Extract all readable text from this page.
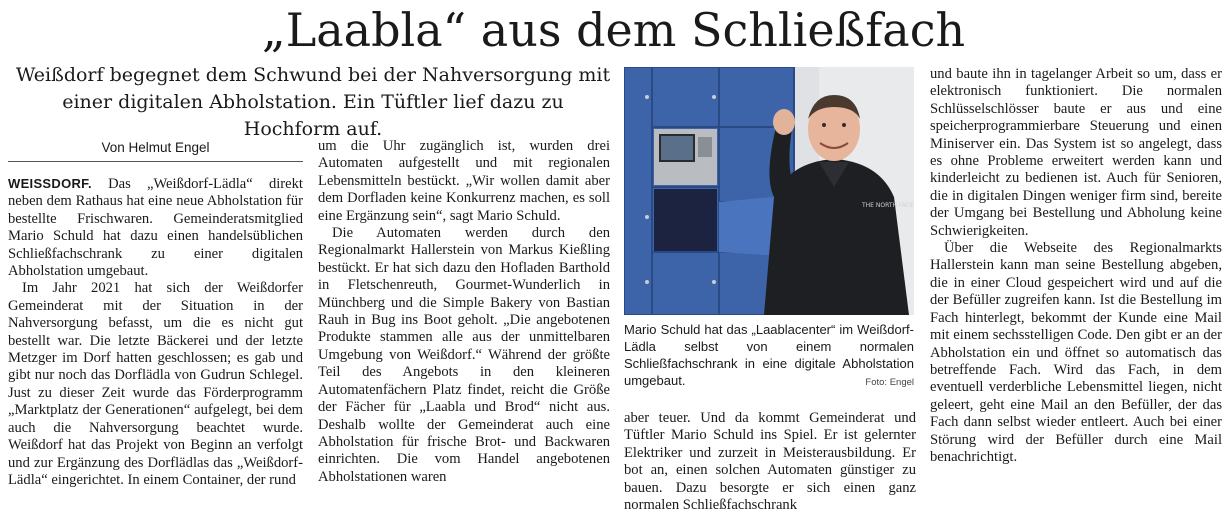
„Laabla“ aus dem Schließfach
Weißdorf begegnet dem Schwund bei der Nahversorgung mit einer digitalen Abholstation. Ein Tüftler lief dazu zu Hochform auf.
Von Helmut Engel

WEISSDORF. Das „Weißdorf-Lädla“ direkt neben dem Rathaus hat eine neue Abholstation für bestellte Frischwaren. Gemeinderatsmitglied Mario Schuld hat dazu einen handelsüblichen Schließfachschrank zu einer digitalen Abholstation umgebaut.

Im Jahr 2021 hat sich der Weißdorfer Gemeinderat mit der Situation in der Nahversorgung befasst, um die es nicht gut bestellt war. Die letzte Bäckerei und der letzte Metzger im Dorf hatten geschlossen; es gab und gibt nur noch das Dorflädla von Gudrun Schlegel. Just zu dieser Zeit wurde das Förderprogramm „Marktplatz der Generationen“ aufgelegt, bei dem auch die Nahversorgung beachtet wurde. Weißdorf hat das Projekt von Beginn an verfolgt und zur Ergänzung des Dorflädlas das „Weißdorf-Lädla“ eingerichtet. In einem Container, der rund

um die Uhr zugänglich ist, wurden drei Automaten aufgestellt und mit regionalen Lebensmitteln bestückt. „Wir wollen damit aber dem Dorfladen keine Konkurrenz machen, es soll eine Ergänzung sein“, sagt Mario Schuld.

Die Automaten werden durch den Regionalmarkt Hallerstein von Markus Kießling bestückt. Er hat sich dazu den Hofladen Barthold in Fletschenreuth, Gourmet-Wunderlich in Münchberg und die Simple Bakery von Bastian Rauh in Bug ins Boot geholt. „Die angebotenen Produkte stammen alle aus der unmittelbaren Umgebung von Weißdorf.“ Während der größte Teil des Angebots in den kleineren Automatenfächern Platz findet, reicht die Größe der Fächer für „Laabla und Brod“ nicht aus. Deshalb wollte der Gemeinderat auch eine Abholstation für frische Brot- und Backwaren einrichten. Die vom Handel angebotenen Abholstationen waren

THE NORTH FACE
Mario Schuld hat das „Laablacenter“ im Weißdorf-Lädla selbst von einem normalen Schließfachschrank in eine digitale Abholstation umgebaut.	Foto: Engel

aber teuer. Und da kommt Gemeinderat und Tüftler Mario Schuld ins Spiel. Er ist gelernter Elektriker und zurzeit in Meisterausbildung. Er bot an, einen solchen Automaten günstiger zu bauen. Dazu besorgte er sich einen ganz normalen Schließfachschrank

und baute ihn in tagelanger Arbeit so um, dass er elektronisch funktioniert. Die normalen Schlüsselschlösser baute er aus und eine speicherprogrammierbare Steuerung und einen Miniserver ein. Das System ist so angelegt, dass es ohne Probleme erweitert werden kann und kinderleicht zu bedienen ist. Auch für Senioren, die in digitalen Dingen weniger firm sind, bereite der Umgang bei Bestellung und Abholung keine Schwierigkeiten.

Über die Webseite des Regionalmarkts Hallerstein kann man seine Bestellung abgeben, die in einer Cloud gespeichert wird und auf die der Befüller zugreifen kann. Ist die Bestellung im Fach hinterlegt, bekommt der Kunde eine Mail mit einem sechsstelligen Code. Den gibt er an der Abholstation ein und öffnet so automatisch das betreffende Fach. Wird das Fach, in dem eventuell verderbliche Lebensmittel liegen, nicht geleert, geht eine Mail an den Befüller, der das Fach dann selbst wieder entleert. Auch bei einer Störung wird der Befüller durch eine Mail benachrichtigt.
